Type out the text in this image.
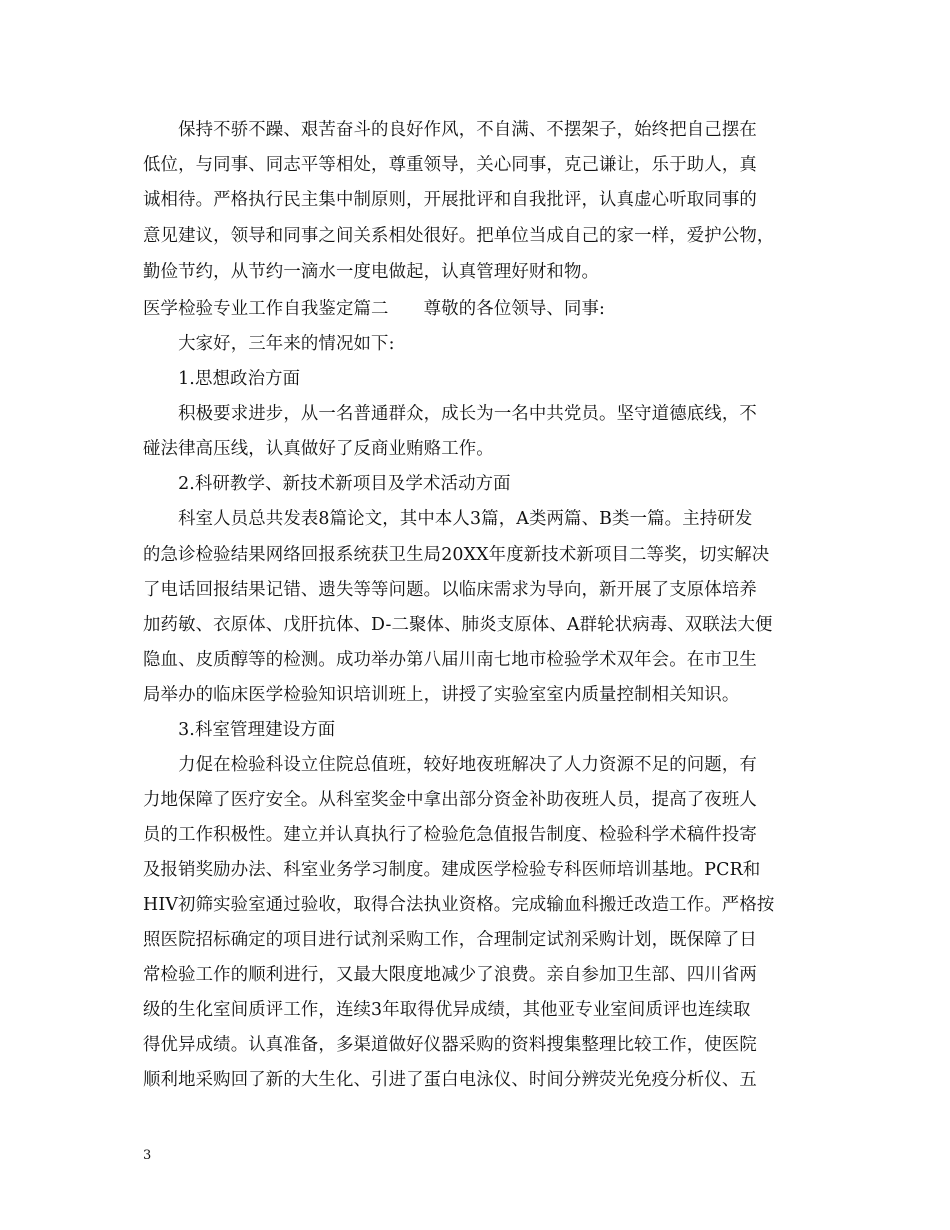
　　保持不骄不躁、艰苦奋斗的良好作风，不自满、不摆架子，始终把自己摆在
低位，与同事、同志平等相处，尊重领导，关心同事，克己谦让，乐于助人，真
诚相待。严格执行民主集中制原则，开展批评和自我批评，认真虚心听取同事的
意见建议，领导和同事之间关系相处很好。把单位当成自己的家一样，爱护公物，
勤俭节约，从节约一滴水一度电做起，认真管理好财和物。
医学检验专业工作自我鉴定篇二　　尊敬的各位领导、同事:
　　大家好，三年来的情况如下:
　　1.思想政治方面
　　积极要求进步，从一名普通群众，成长为一名中共党员。坚守道德底线，不
碰法律高压线，认真做好了反商业贿赂工作。
　　2.科研教学、新技术新项目及学术活动方面
　　科室人员总共发表8篇论文，其中本人3篇，A类两篇、B类一篇。主持研发
的急诊检验结果网络回报系统获卫生局20XX年度新技术新项目二等奖，切实解决
了电话回报结果记错、遗失等等问题。以临床需求为导向，新开展了支原体培养
加药敏、衣原体、戊肝抗体、D-二聚体、肺炎支原体、A群轮状病毒、双联法大便
隐血、皮质醇等的检测。成功举办第八届川南七地市检验学术双年会。在市卫生
局举办的临床医学检验知识培训班上，讲授了实验室室内质量控制相关知识。
　　3.科室管理建设方面
　　力促在检验科设立住院总值班，较好地夜班解决了人力资源不足的问题，有
力地保障了医疗安全。从科室奖金中拿出部分资金补助夜班人员，提高了夜班人
员的工作积极性。建立并认真执行了检验危急值报告制度、检验科学术稿件投寄
及报销奖励办法、科室业务学习制度。建成医学检验专科医师培训基地。PCR和
HIV初筛实验室通过验收，取得合法执业资格。完成输血科搬迁改造工作。严格按
照医院招标确定的项目进行试剂采购工作，合理制定试剂采购计划，既保障了日
常检验工作的顺利进行，又最大限度地减少了浪费。亲自参加卫生部、四川省两
级的生化室间质评工作，连续3年取得优异成绩，其他亚专业室间质评也连续取
得优异成绩。认真准备，多渠道做好仪器采购的资料搜集整理比较工作，使医院
顺利地采购回了新的大生化、引进了蛋白电泳仪、时间分辨荧光免疫分析仪、五
3
